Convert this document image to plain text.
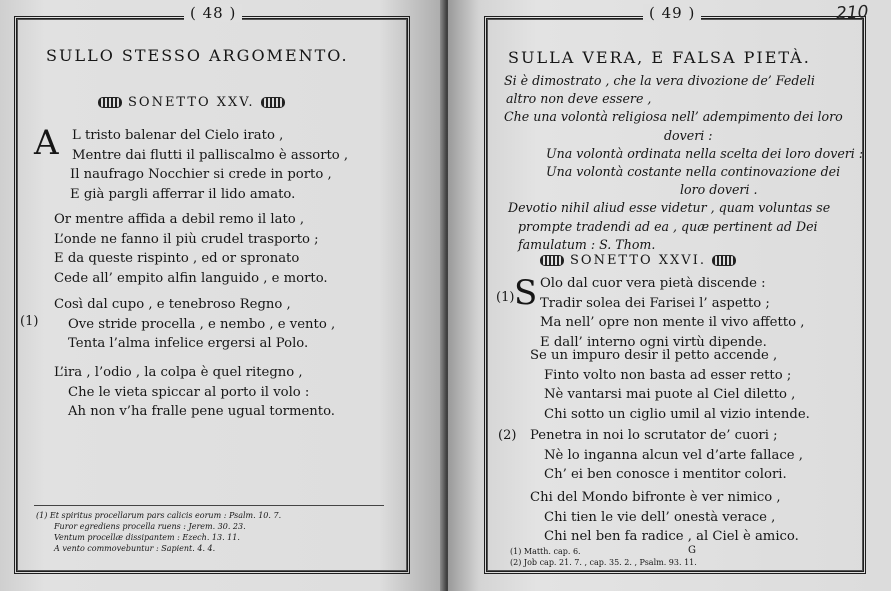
( 48 )
SULLO STESSO ARGOMENTO.
SONETTO XXV.
A L tristo balenar del Cielo irato ,
Mentre dai flutti il palliscalmo è assorto ,
Il naufrago Nocchier si crede in porto ,
E già pargli afferrar il lido amato.
Or mentre affida a debil remo il lato ,
L’onde ne fanno il più crudel trasporto ;
E da queste rispinto , ed or spronato
Cede all’ empito alfin languido , e morto.
(1)
Così dal cupo , e tenebroso Regno ,
Ove stride procella , e nembo , e vento ,
Tenta l’alma infelice ergersi al Polo.
L’ira , l’odio , la colpa è quel ritegno ,
Che le vieta spiccar al porto il volo :
Ah non v’ha fralle pene ugual tormento.
(1) Et spiritus procellarum pars calicis eorum : Psalm. 10. 7.
Furor egrediens procella ruens : Jerem. 30. 23.
Ventum procellæ dissipantem : Ezech. 13. 11.
A vento commovebuntur : Sapient. 4. 4.
( 49 )	210
SULLA VERA, E FALSA PIETÀ.
Si è dimostrato , che la vera divozione de’ Fedeli
altro non deve essere ,
Che una volontà religiosa nell’ adempimento dei loro
doveri :
Una volontà ordinata nella scelta dei loro doveri :
Una volontà costante nella continovazione dei
loro doveri .
Devotio nihil aliud esse videtur , quam voluntas se
prompte tradendi ad ea , quæ pertinent ad Dei
famulatum : S. Thom.
SONETTO XXVI.
(1) S Olo dal cuor vera pietà discende :
Tradir solea dei Farisei l’ aspetto ;
Ma nell’ opre non mente il vivo affetto ,
E dall’ interno ogni virtù dipende.
Se un impuro desir il petto accende ,
Finto volto non basta ad esser retto ;
Nè vantarsi mai puote al Ciel diletto ,
Chi sotto un ciglio umil al vizio intende.
(2) Penetra in noi lo scrutator de’ cuori ;
Nè lo inganna alcun vel d’arte fallace ,
Ch’ ei ben conosce i mentitor colori.
Chi del Mondo bifronte è ver nimico ,
Chi tien le vie dell’ onestà verace ,
Chi nel ben fa radice , al Ciel è amico.
G
(1) Matth. cap. 6.
(2) Job cap. 21. 7. , cap. 35. 2. , Psalm. 93. 11.
